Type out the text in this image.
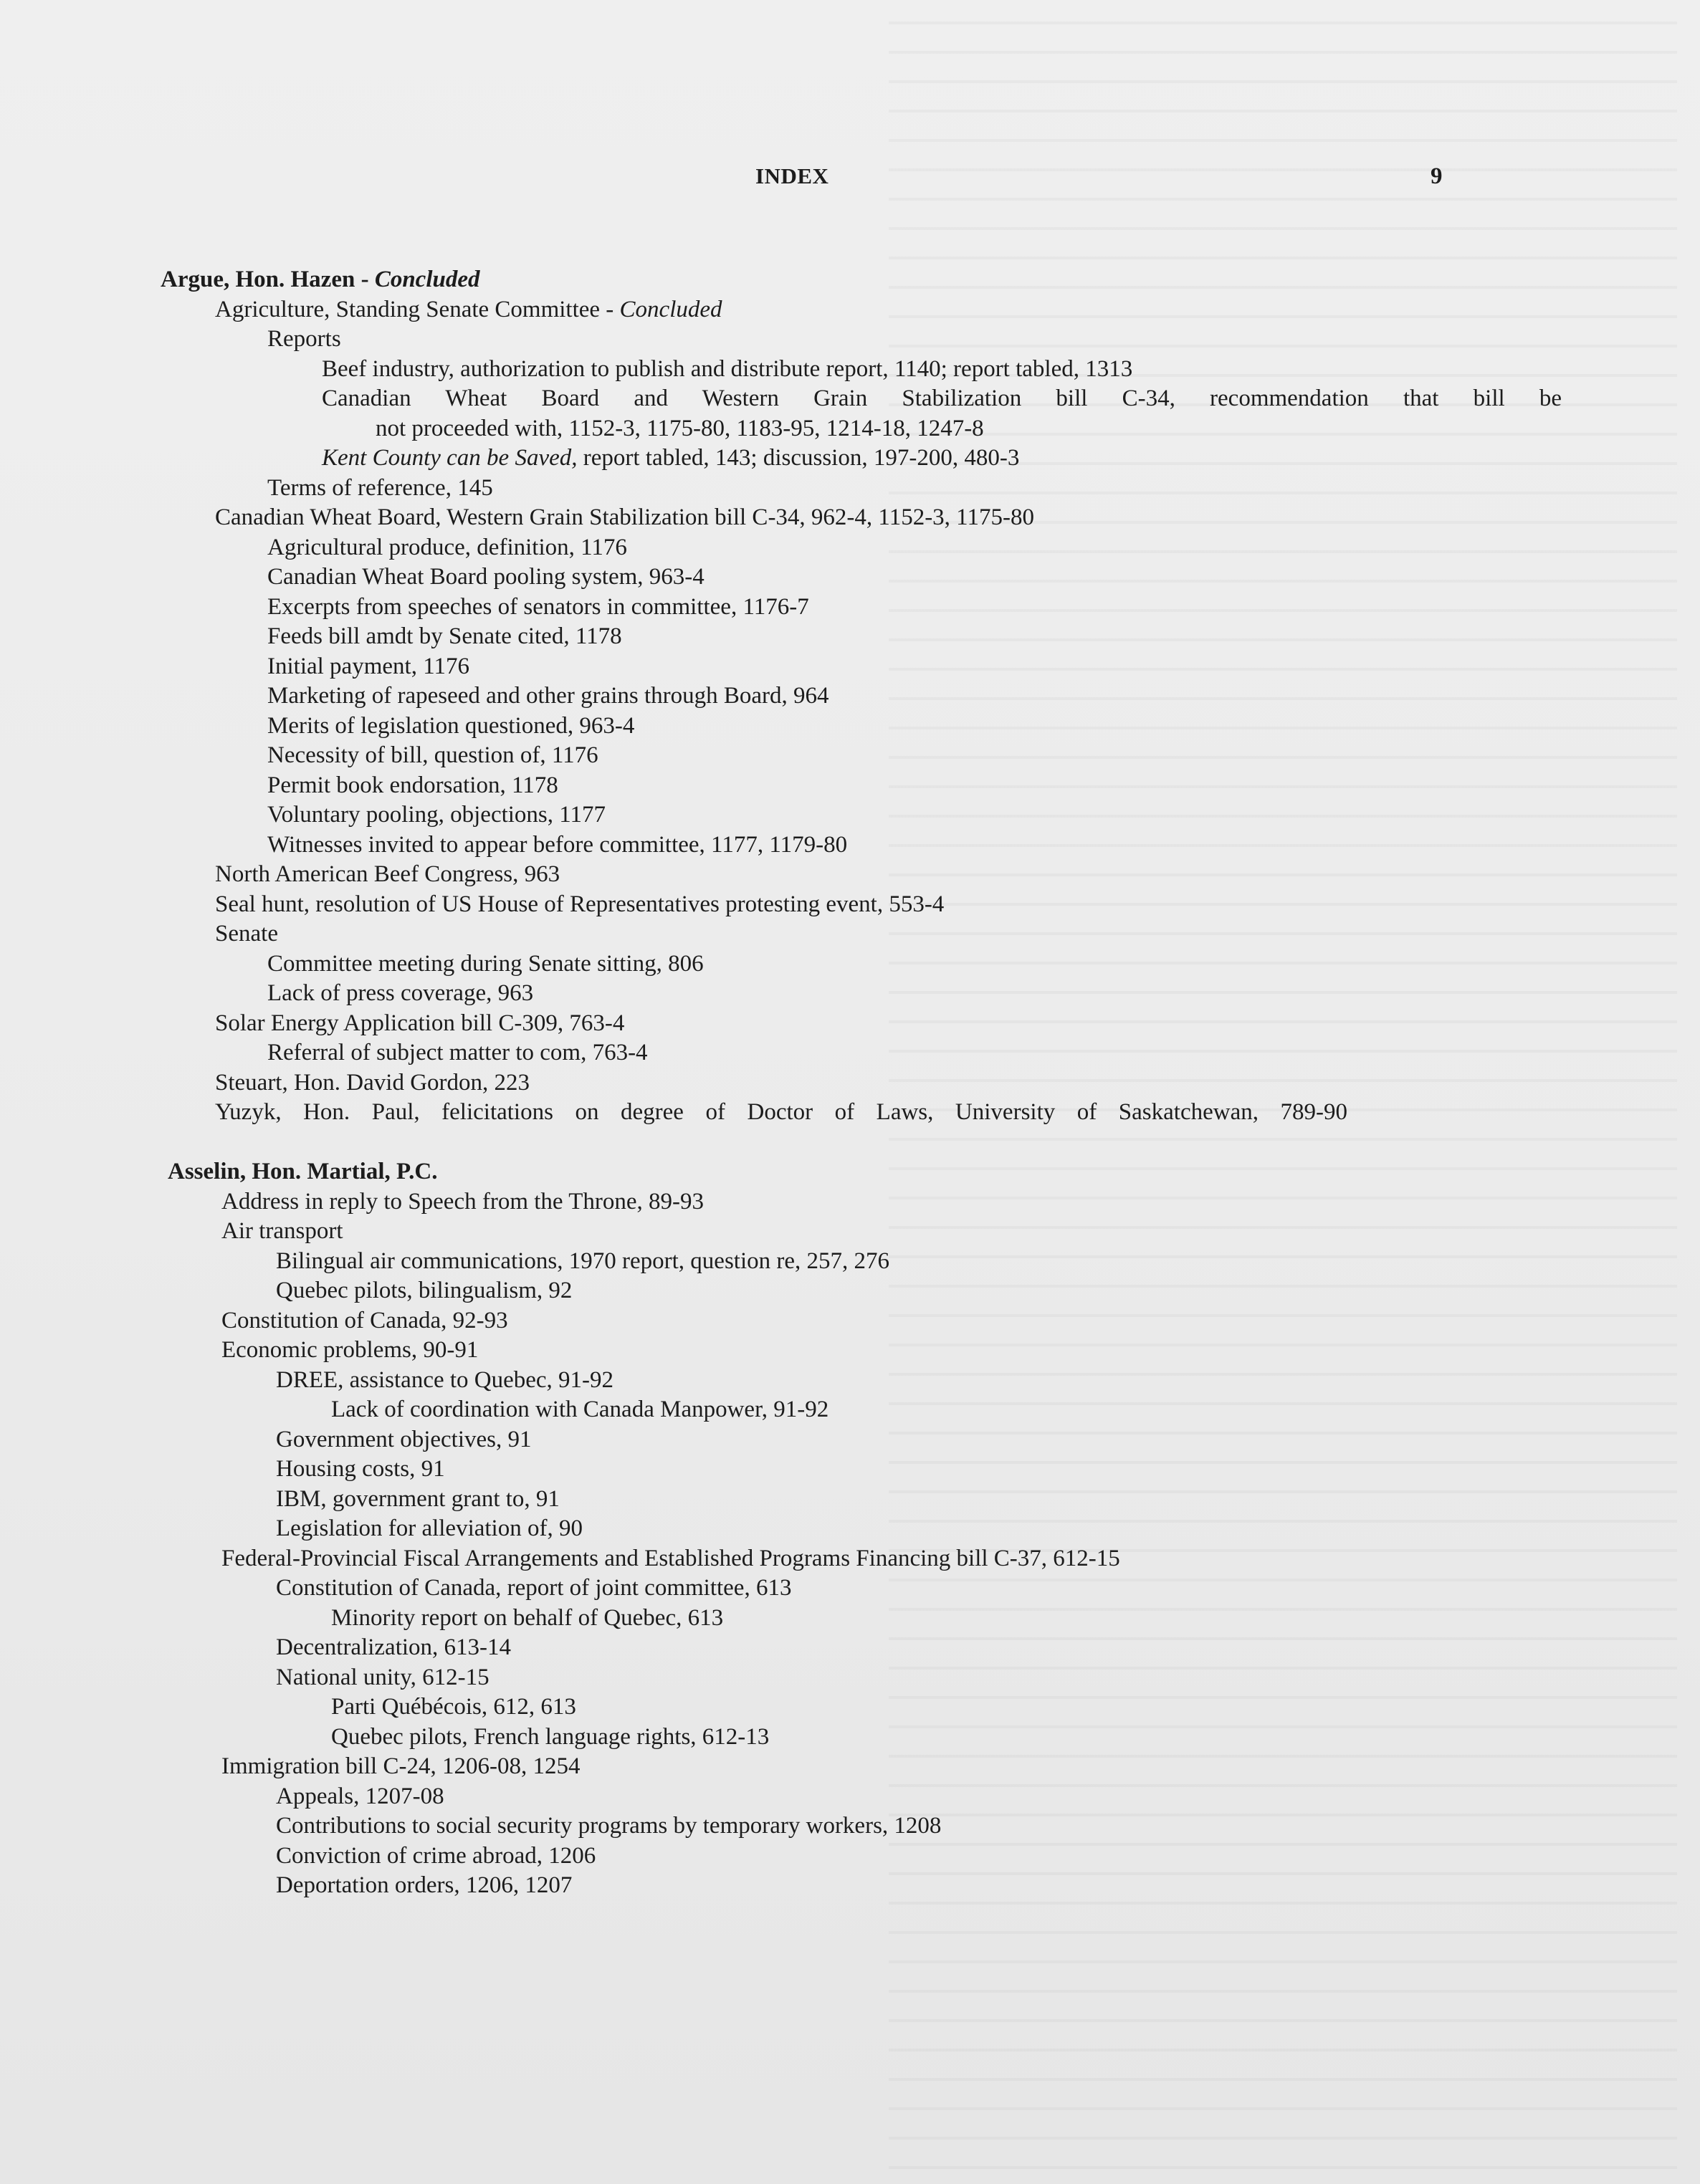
INDEX	9
Argue, Hon. Hazen - Concluded
Agriculture, Standing Senate Committee - Concluded
Reports
Beef industry, authorization to publish and distribute report, 1140; report tabled, 1313
Canadian Wheat Board and Western Grain Stabilization bill C-34, recommendation that bill be
not proceeded with, 1152-3, 1175-80, 1183-95, 1214-18, 1247-8
Kent County can be Saved, report tabled, 143; discussion, 197-200, 480-3
Terms of reference, 145
Canadian Wheat Board, Western Grain Stabilization bill C-34, 962-4, 1152-3, 1175-80
Agricultural produce, definition, 1176
Canadian Wheat Board pooling system, 963-4
Excerpts from speeches of senators in committee, 1176-7
Feeds bill amdt by Senate cited, 1178
Initial payment, 1176
Marketing of rapeseed and other grains through Board, 964
Merits of legislation questioned, 963-4
Necessity of bill, question of, 1176
Permit book endorsation, 1178
Voluntary pooling, objections, 1177
Witnesses invited to appear before committee, 1177, 1179-80
North American Beef Congress, 963
Seal hunt, resolution of US House of Representatives protesting event, 553-4
Senate
Committee meeting during Senate sitting, 806
Lack of press coverage, 963
Solar Energy Application bill C-309, 763-4
Referral of subject matter to com, 763-4
Steuart, Hon. David Gordon, 223
Yuzyk, Hon. Paul, felicitations on degree of Doctor of Laws, University of Saskatchewan, 789-90
Asselin, Hon. Martial, P.C.
Address in reply to Speech from the Throne, 89-93
Air transport
Bilingual air communications, 1970 report, question re, 257, 276
Quebec pilots, bilingualism, 92
Constitution of Canada, 92-93
Economic problems, 90-91
DREE, assistance to Quebec, 91-92
Lack of coordination with Canada Manpower, 91-92
Government objectives, 91
Housing costs, 91
IBM, government grant to, 91
Legislation for alleviation of, 90
Federal-Provincial Fiscal Arrangements and Established Programs Financing bill C-37, 612-15
Constitution of Canada, report of joint committee, 613
Minority report on behalf of Quebec, 613
Decentralization, 613-14
National unity, 612-15
Parti Québécois, 612, 613
Quebec pilots, French language rights, 612-13
Immigration bill C-24, 1206-08, 1254
Appeals, 1207-08
Contributions to social security programs by temporary workers, 1208
Conviction of crime abroad, 1206
Deportation orders, 1206, 1207
